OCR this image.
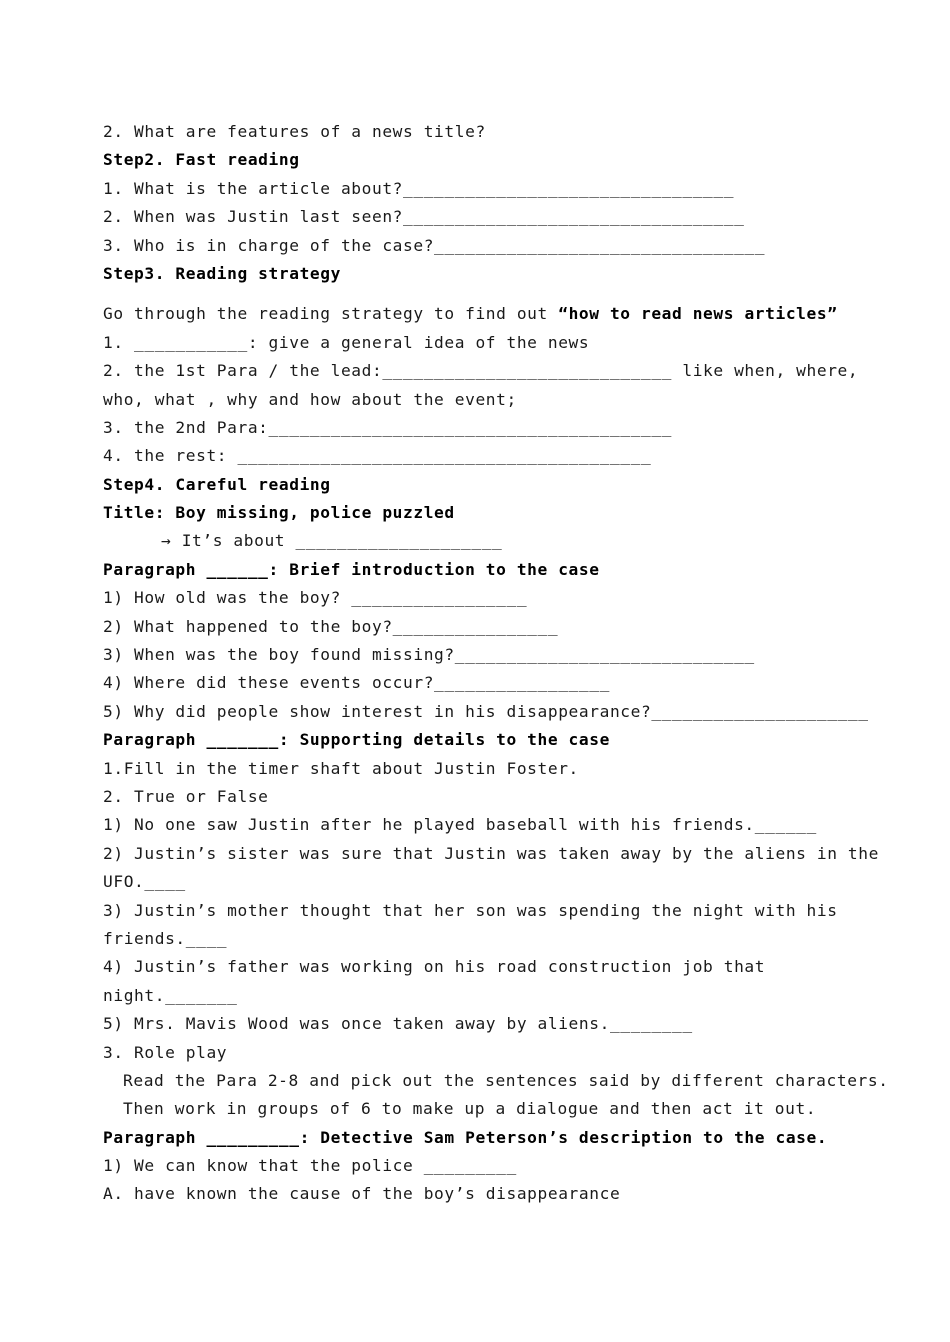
2. What are features of a news title?
Step2. Fast reading
1. What is the article about?________________________________
2. When was Justin last seen?_________________________________
3. Who is in charge of the case?________________________________
Step3. Reading strategy
Go through the reading strategy to find out “how to read news articles”
1. ___________: give a general idea of the news
2. the 1st Para / the lead:____________________________ like when, where,
who, what , why and how about the event;
3. the 2nd Para:_______________________________________
4. the rest: ________________________________________
Step4. Careful reading
Title: Boy missing, police puzzled
→ It’s about ____________________
Paragraph ______: Brief introduction to the case
1) How old was the boy? _________________
2) What happened to the boy?________________
3) When was the boy found missing?_____________________________
4) Where did these events occur?_________________
5) Why did people show interest in his disappearance?_____________________
Paragraph _______: Supporting details to the case
1.Fill in the timer shaft about Justin Foster.
2. True or False
1) No one saw Justin after he played baseball with his friends.______
2) Justin’s sister was sure that Justin was taken away by the aliens in the
UFO.____
3) Justin’s mother thought that her son was spending the night with his
friends.____
4) Justin’s father was working on his road construction job that
night._______
5) Mrs. Mavis Wood was once taken away by aliens.________
3. Role play
Read the Para 2-8 and pick out the sentences said by different characters.
Then work in groups of 6 to make up a dialogue and then act it out.
Paragraph _________: Detective Sam Peterson’s description to the case.
1) We can know that the police _________
A. have known the cause of the boy’s disappearance
